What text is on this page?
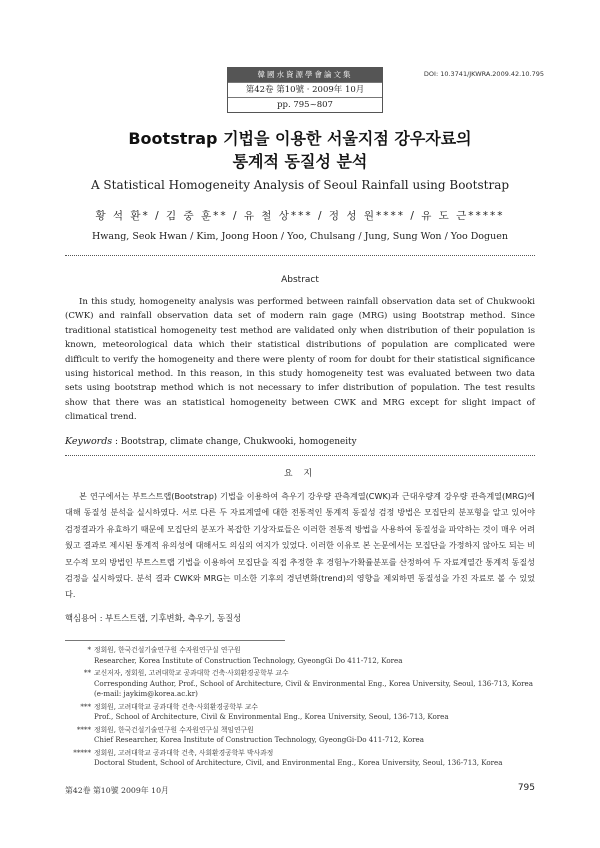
韓國水資源學會論文集
第42卷 第10號 · 2009年 10月
pp. 795~807
DOI: 10.3741/JKWRA.2009.42.10.795
Bootstrap 기법을 이용한 서울지점 강우자료의
통계적 동질성 분석
A Statistical Homogeneity Analysis of Seoul Rainfall using Bootstrap
황 석 환* / 김 중 훈** / 유 철 상*** / 정 성 원**** / 유 도 근*****
Hwang, Seok Hwan / Kim, Joong Hoon / Yoo, Chulsang / Jung, Sung Won / Yoo Doguen
Abstract

In this study, homogeneity analysis was performed between rainfall observation data set of Chukwooki (CWK) and rainfall observation data set of modern rain gage (MRG) using Bootstrap method. Since traditional statistical homogeneity test method are validated only when distribution of their population is known, meteorological data which their statistical distributions of population are complicated were difficult to verify the homogeneity and there were plenty of room for doubt for their statistical significance using historical method. In this reason, in this study homogeneity test was evaluated between two data sets using bootstrap method which is not necessary to infer distribution of population. The test results show that there was an statistical homogeneity between CWK and MRG except for slight impact of climatical trend.

Keywords : Bootstrap, climate change, Chukwooki, homogeneity
요 지

본 연구에서는 부트스트랩(Bootstrap) 기법을 이용하여 측우기 강우량 관측계열(CWK)과 근대우량계 강우량 관측계열(MRG)에 대해 동질성 분석을 실시하였다. 서로 다른 두 자료계열에 대한 전통적인 통계적 동질성 검정 방법은 모집단의 분포형을 알고 있어야 검정결과가 유효하기 때문에 모집단의 분포가 복잡한 기상자료들은 이러한 전통적 방법을 사용하여 동질성을 파악하는 것이 매우 어려웠고 결과로 제시된 통계적 유의성에 대해서도 의심의 여지가 있었다. 이러한 이유로 본 논문에서는 모집단을 가정하지 않아도 되는 비모수적 모의 방법인 부트스트랩 기법을 이용하여 모집단을 직접 추정한 후 경험누가확률분포를 산정하여 두 자료계열간 통계적 동질성 검정을 실시하였다. 분석 결과 CWK와 MRG는 미소한 기후의 경년변화(trend)의 영향을 제외하면 동질성을 가진 자료로 볼 수 있었다.

핵심용어 : 부트스트랩, 기후변화, 측우기, 동질성
* 정회원, 한국건설기술연구원 수자원연구실 연구원
Researcher, Korea Institute of Construction Technology, GyeongGi Do 411-712, Korea
** 교신저자, 정회원, 고려대학교 공과대학 건축·사회환경공학부 교수
Corresponding Author, Prof., School of Architecture, Civil & Environmental Eng., Korea University, Seoul, 136-713, Korea
(e-mail: jaykim@korea.ac.kr)
*** 정회원, 고려대학교 공과대학 건축·사회환경공학부 교수
Prof., School of Architecture, Civil & Environmental Eng., Korea University, Seoul, 136-713, Korea
**** 정회원, 한국건설기술연구원 수자원연구실 책임연구원
Chief Researcher, Korea Institute of Construction Technology, GyeongGi-Do 411-712, Korea
***** 정회원, 고려대학교 공과대학 건축, 사회환경공학부 박사과정
Doctoral Student, School of Architecture, Civil, and Environmental Eng., Korea University, Seoul, 136-713, Korea
第42卷 第10號 2009年 10月	795
